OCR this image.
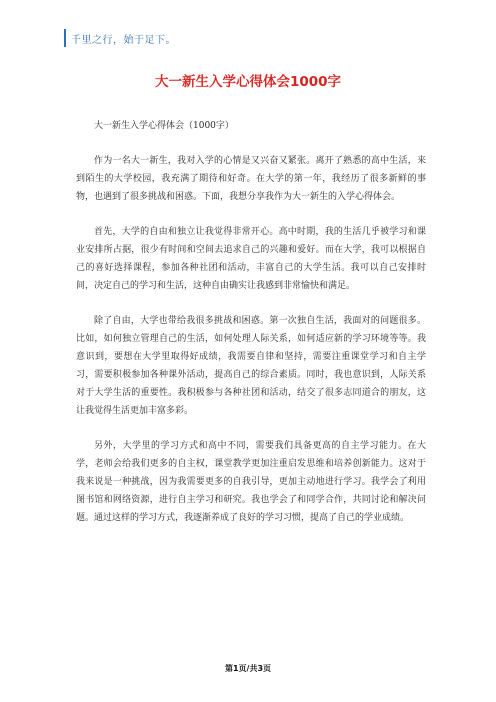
千里之行，始于足下。
大一新生入学心得体会1000字

大一新生入学心得体会（1000字）

作为一名大一新生，我对入学的心情是又兴奋又紧张。离开了熟悉的高中生活，来到陌生的大学校园，我充满了期待和好奇。在大学的第一年，我经历了很多新鲜的事物，也遇到了很多挑战和困惑。下面，我想分享我作为大一新生的入学心得体会。

首先，大学的自由和独立让我觉得非常开心。高中时期，我的生活几乎被学习和课业安排所占据，很少有时间和空间去追求自己的兴趣和爱好。而在大学，我可以根据自己的喜好选择课程，参加各种社团和活动，丰富自己的大学生活。我可以自己安排时间，决定自己的学习和生活，这种自由确实让我感到非常愉快和满足。

除了自由，大学也带给我很多挑战和困惑。第一次独自生活，我面对的问题很多。比如，如何独立管理自己的生活，如何处理人际关系，如何适应新的学习环境等等。我意识到，要想在大学里取得好成绩，我需要自律和坚持，需要注重课堂学习和自主学习，需要积极参加各种课外活动，提高自己的综合素质。同时，我也意识到，人际关系对于大学生活的重要性。我积极参与各种社团和活动，结交了很多志同道合的朋友，这让我觉得生活更加丰富多彩。

另外，大学里的学习方式和高中不同，需要我们具备更高的自主学习能力。在大学，老师会给我们更多的自主权，课堂教学更加注重启发思维和培养创新能力。这对于我来说是一种挑战，因为我需要更多的自我引导，更加主动地进行学习。我学会了利用图书馆和网络资源，进行自主学习和研究。我也学会了和同学合作，共同讨论和解决问题。通过这样的学习方式，我逐渐养成了良好的学习习惯，提高了自己的学业成绩。

第1页/共3页
